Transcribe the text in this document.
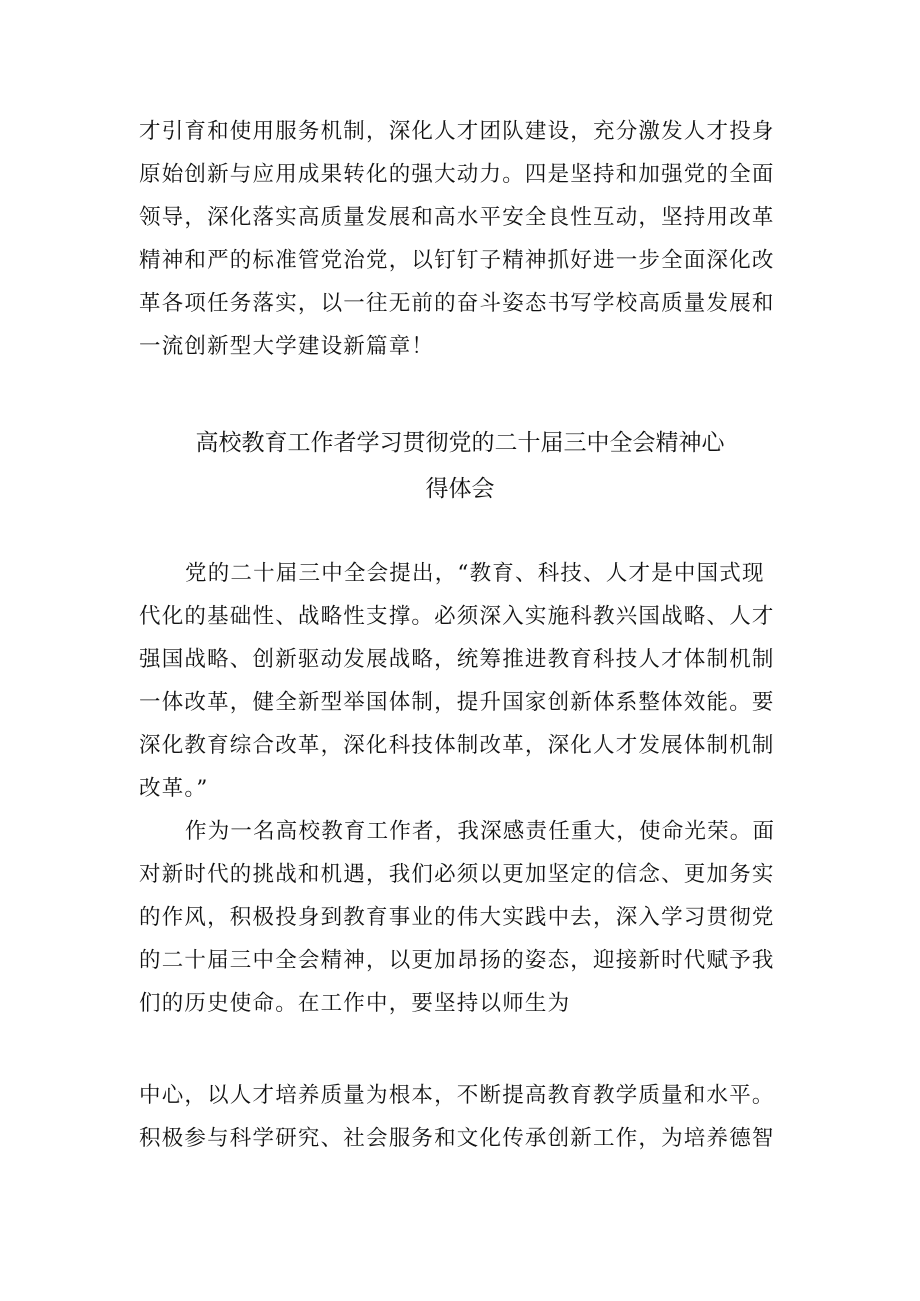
才引育和使用服务机制，深化人才团队建设，充分激发人才投身
原始创新与应用成果转化的强大动力。四是坚持和加强党的全面
领导，深化落实高质量发展和高水平安全良性互动，坚持用改革
精神和严的标准管党治党，以钉钉子精神抓好进一步全面深化改
革各项任务落实，以一往无前的奋斗姿态书写学校高质量发展和
一流创新型大学建设新篇章！
高校教育工作者学习贯彻党的二十届三中全会精神心
得体会
党的二十届三中全会提出，“教育、科技、人才是中国式现
代化的基础性、战略性支撑。必须深入实施科教兴国战略、人才
强国战略、创新驱动发展战略，统筹推进教育科技人才体制机制
一体改革，健全新型举国体制，提升国家创新体系整体效能。要
深化教育综合改革，深化科技体制改革，深化人才发展体制机制
改革。”
作为一名高校教育工作者，我深感责任重大，使命光荣。面
对新时代的挑战和机遇，我们必须以更加坚定的信念、更加务实
的作风，积极投身到教育事业的伟大实践中去，深入学习贯彻党
的二十届三中全会精神，以更加昂扬的姿态，迎接新时代赋予我
们的历史使命。在工作中，要坚持以师生为
中心，以人才培养质量为根本，不断提高教育教学质量和水平。
积极参与科学研究、社会服务和文化传承创新工作，为培养德智
